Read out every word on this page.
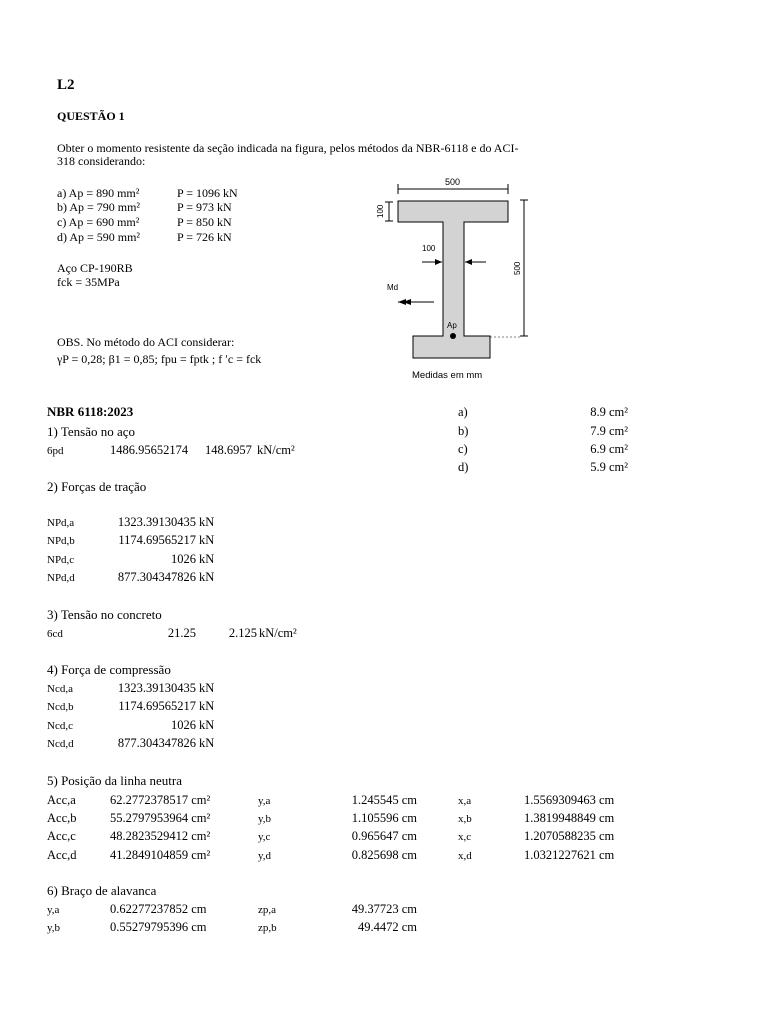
L2
QUESTÃO 1
Obter o momento resistente da seção indicada na figura, pelos métodos da NBR-6118 e do ACI-
318 considerando:
a) Ap = 890 mm²	P = 1096 kN
b) Ap = 790 mm²	P = 973 kN
c) Ap = 690 mm²	P = 850 kN
d) Ap = 590 mm²	P = 726 kN
Aço CP-190RB
fck = 35MPa
OBS. No método do ACI considerar:
γP = 0,28; β1 = 0,85; fpu = fptk ; f ʹc = fck
500
100
100
500
Md
Ap
Medidas em mm
NBR 6118:2023	a)	8.9 cm²
b)	7.9 cm²
c)	6.9 cm²
d)	5.9 cm²
1) Tensão no aço
6pd	1486.95652174 148.6957 kN/cm²
2) Forças de tração
NPd,a	1323.39130435 kN
NPd,b	1174.69565217 kN
NPd,c	1026 kN
NPd,d	877.304347826 kN
3) Tensão no concreto
6cd	21.25	2.125 kN/cm²
4) Força de compressão
Ncd,a	1323.39130435 kN
Ncd,b	1174.69565217 kN
Ncd,c	1026 kN
Ncd,d	877.304347826 kN
5) Posição da linha neutra
Acc,a	62.2772378517 cm²	y,a	1.245545 cm	x,a	1.5569309463 cm
Acc,b	55.2797953964 cm²	y,b	1.105596 cm	x,b	1.3819948849 cm
Acc,c	48.2823529412 cm²	y,c	0.965647 cm	x,c	1.2070588235 cm
Acc,d	41.2849104859 cm²	y,d	0.825698 cm	x,d	1.0321227621 cm
6) Braço de alavanca
y,a	0.62277237852 cm	zp,a	49.37723 cm
y,b	0.55279795396 cm	zp,b	49.4472 cm
